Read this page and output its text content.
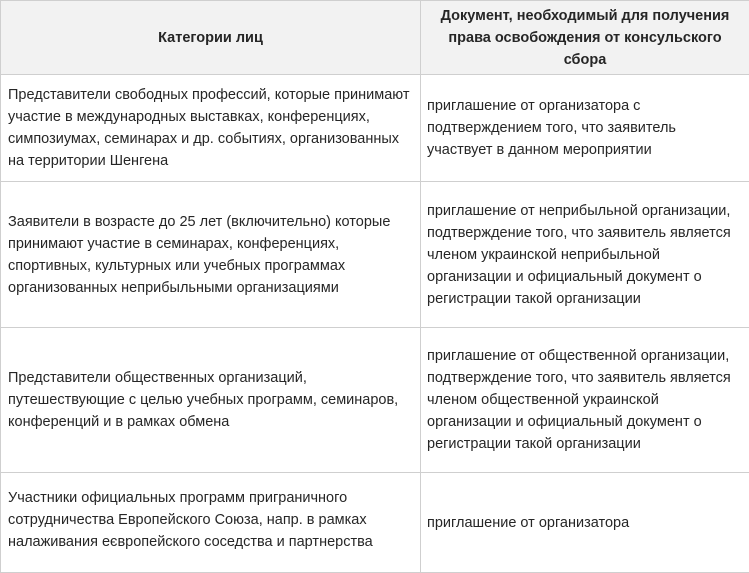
Категории лиц	Документ, необходимый для получения права освобождения от консульского сбора
Представители свободных профессий, которые принимают участие в международных выставках, конференциях, симпозиумах, семинарах и др. событиях, организованных на территории Шенгена	приглашение от организатора с подтверждением того, что заявитель участвует в данном мероприятии
Заявители в возрасте до 25 лет (включительно) которые принимают участие в семинарах, конференциях, спортивных, культурных или учебных программах организованных неприбыльными организациями	приглашение от неприбыльной организации, подтверждение того, что заявитель является членом украинской неприбыльной организации и официальный документ о регистрации такой организации
Представители общественных организаций, путешествующие с целью учебных программ, семинаров, конференций и в рамках обмена	приглашение от общественной организации, подтверждение того, что заявитель является членом общественной украинской организации и официальный документ о регистрации такой организации
Участники официальных программ приграничного сотрудничества Европейского Союза, напр. в рамках налаживания еєвропейского соседства и партнерства	приглашение от организатора
